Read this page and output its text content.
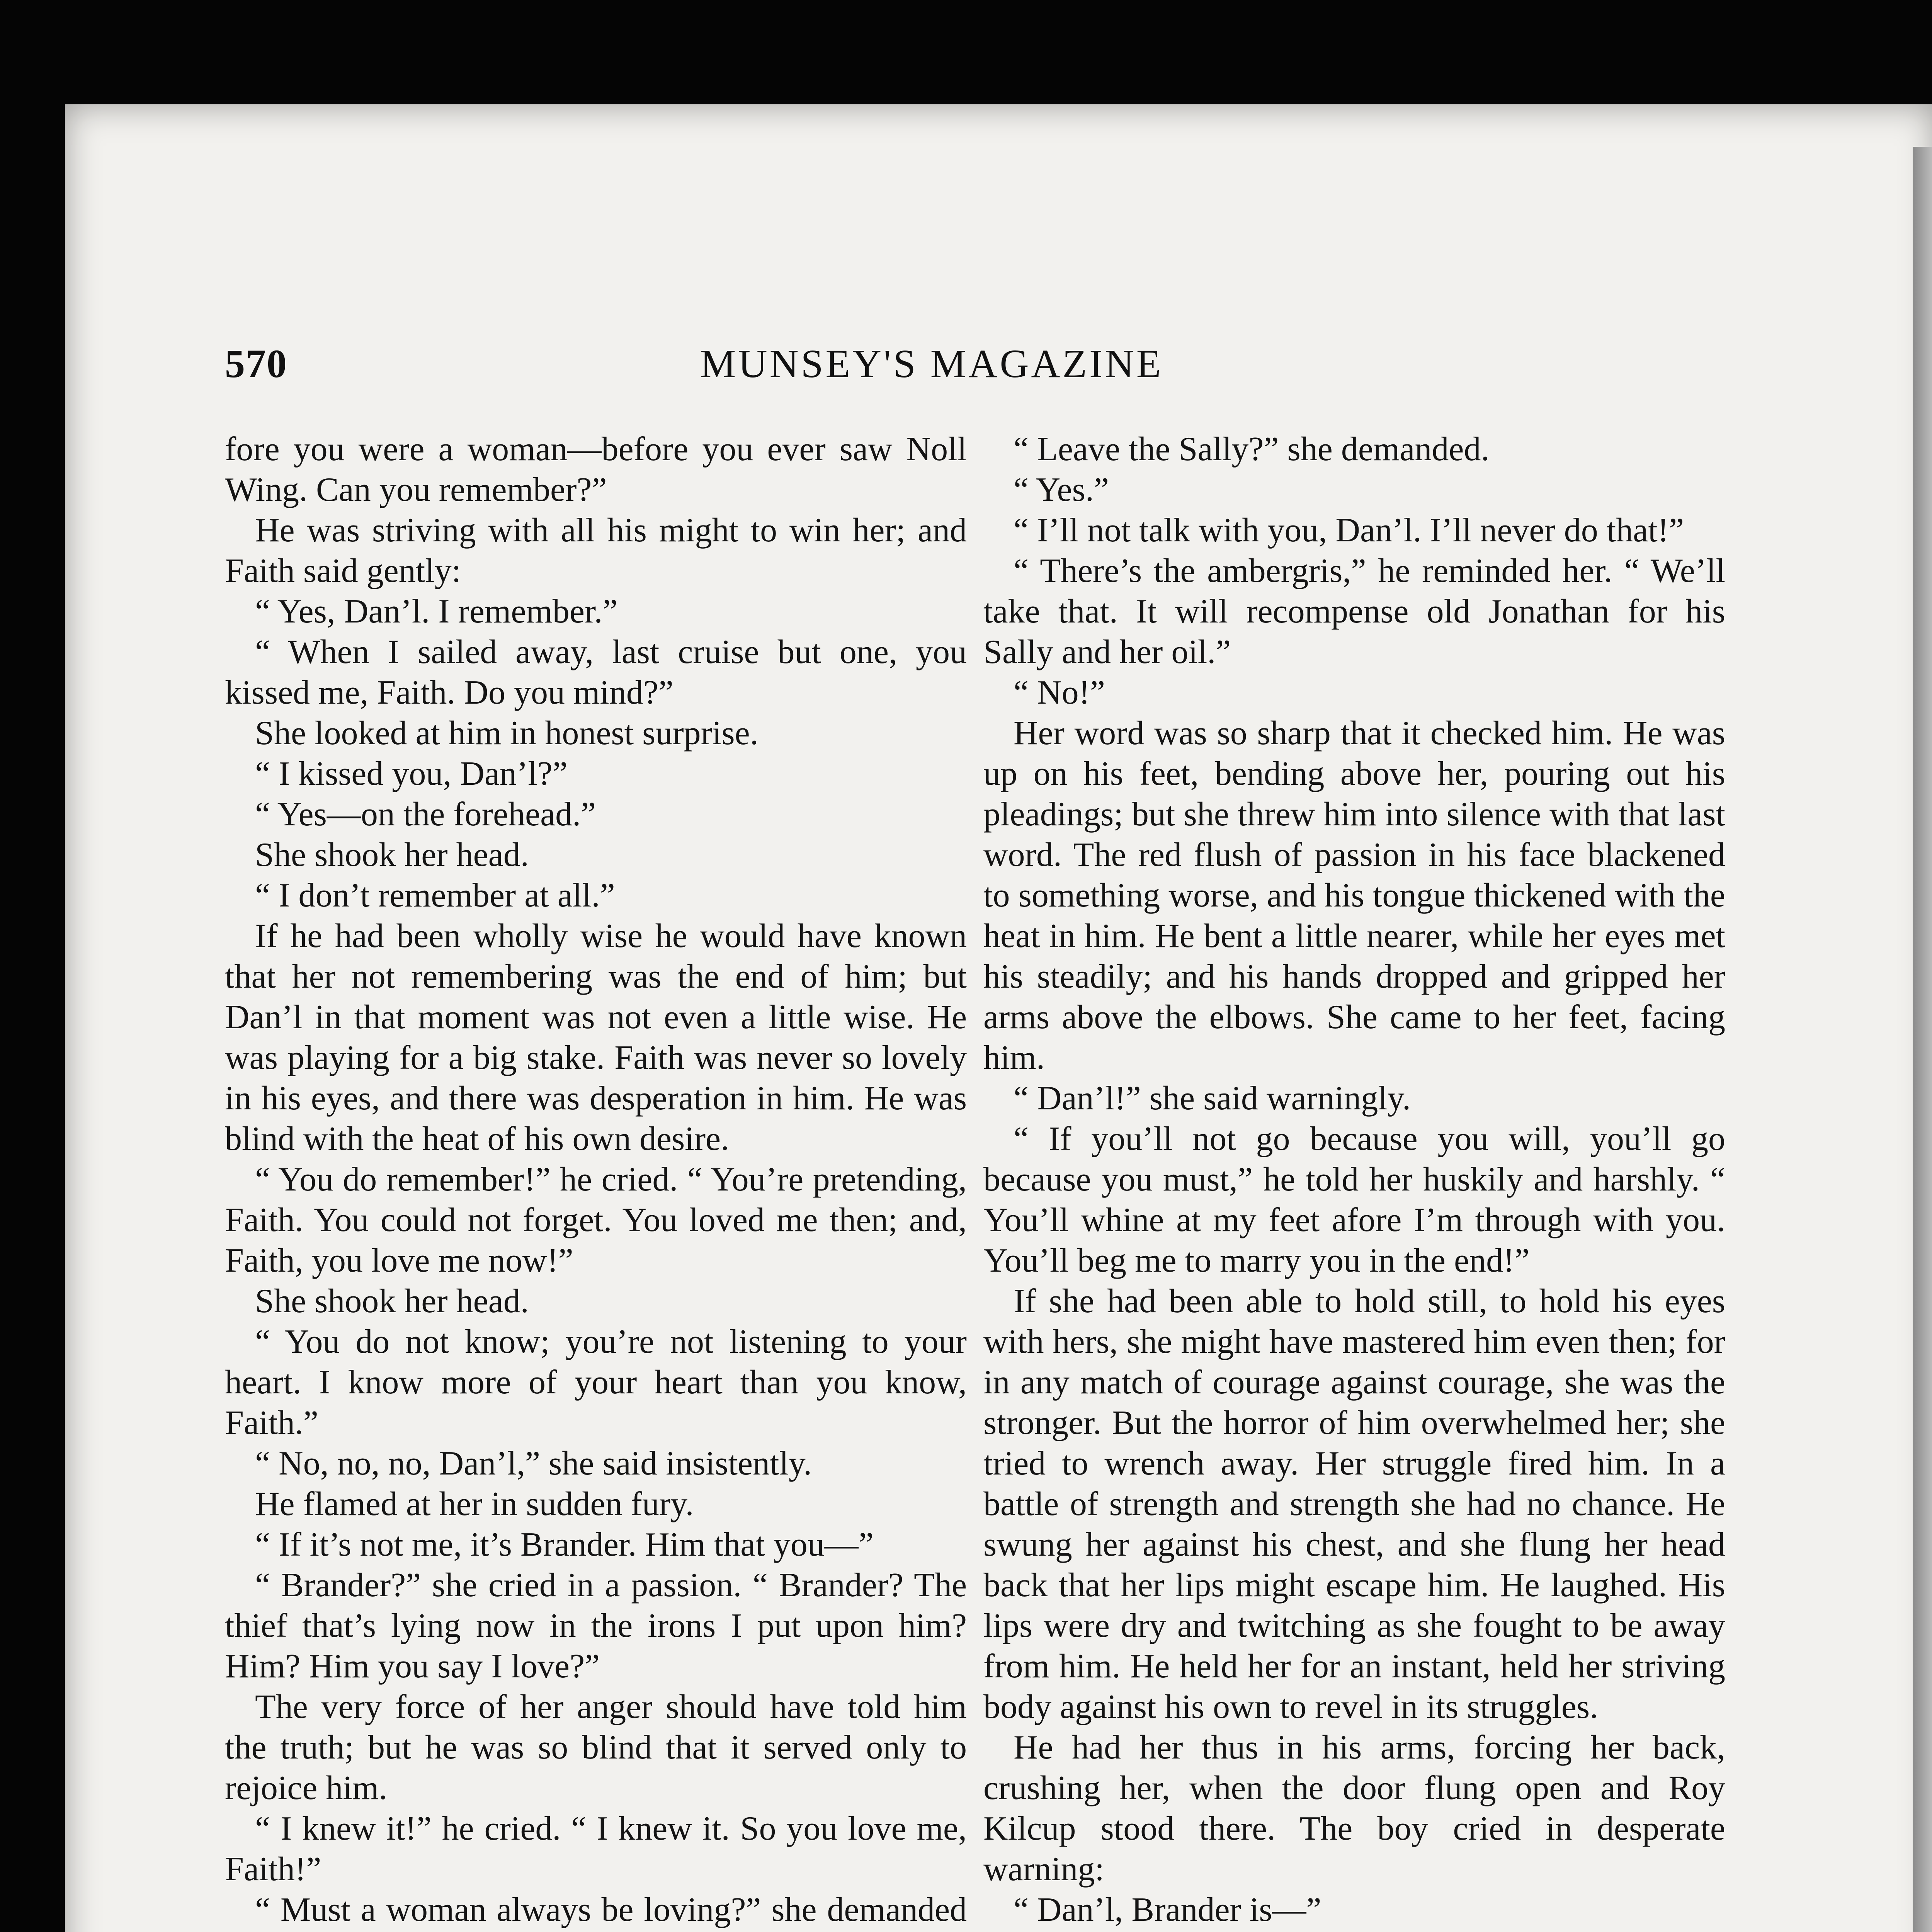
570	MUNSEY'S MAGAZINE

fore you were a woman—before you ever saw Noll Wing. Can you remember?”

He was striving with all his might to win her; and Faith said gently:

“ Yes, Dan’l. I remember.”

“ When I sailed away, last cruise but one, you kissed me, Faith. Do you mind?”

She looked at him in honest surprise.

“ I kissed you, Dan’l?”

“ Yes—on the forehead.”

She shook her head.

“ I don’t remember at all.”

If he had been wholly wise he would have known that her not remembering was the end of him; but Dan’l in that moment was not even a little wise. He was playing for a big stake. Faith was never so lovely in his eyes, and there was desperation in him. He was blind with the heat of his own desire.

“ You do remember!” he cried. “ You’re pretending, Faith. You could not forget. You loved me then; and, Faith, you love me now!”

She shook her head.

“ You do not know; you’re not listening to your heart. I know more of your heart than you know, Faith.”

“ No, no, no, Dan’l,” she said insistently.

He flamed at her in sudden fury.

“ If it’s not me, it’s Brander. Him that you—”

“ Brander?” she cried in a passion. “ Brander? The thief that’s lying now in the irons I put upon him? Him? Him you say I love?”

The very force of her anger should have told him the truth; but he was so blind that it served only to rejoice him.

“ I knew it!” he cried. “ I knew it. So you love me, Faith!”

“ Must a woman always be loving?” she demanded

“ Leave the Sally?” she demanded.

“ Yes.”

“ I’ll not talk with you, Dan’l. I’ll never do that!”

“ There’s the ambergris,” he reminded her. “ We’ll take that. It will recompense old Jonathan for his Sally and her oil.”

“ No!”

Her word was so sharp that it checked him. He was up on his feet, bending above her, pouring out his pleadings; but she threw him into silence with that last word. The red flush of passion in his face blackened to something worse, and his tongue thickened with the heat in him. He bent a little nearer, while her eyes met his steadily; and his hands dropped and gripped her arms above the elbows. She came to her feet, facing him.

“ Dan’l!” she said warningly.

“ If you’ll not go because you will, you’ll go because you must,” he told her huskily and harshly. “ You’ll whine at my feet afore I’m through with you. You’ll beg me to marry you in the end!”

If she had been able to hold still, to hold his eyes with hers, she might have mastered him even then; for in any match of courage against courage, she was the stronger. But the horror of him overwhelmed her; she tried to wrench away. Her struggle fired him. In a battle of strength and strength she had no chance. He swung her against his chest, and she flung her head back that her lips might escape him. He laughed. His lips were dry and twitching as she fought to be away from him. He held her for an instant, held her striving body against his own to revel in its struggles.

He had her thus in his arms, forcing her back, crushing her, when the door flung open and Roy Kilcup stood there. The boy cried in desperate warning:

“ Dan’l, Brander is—”
